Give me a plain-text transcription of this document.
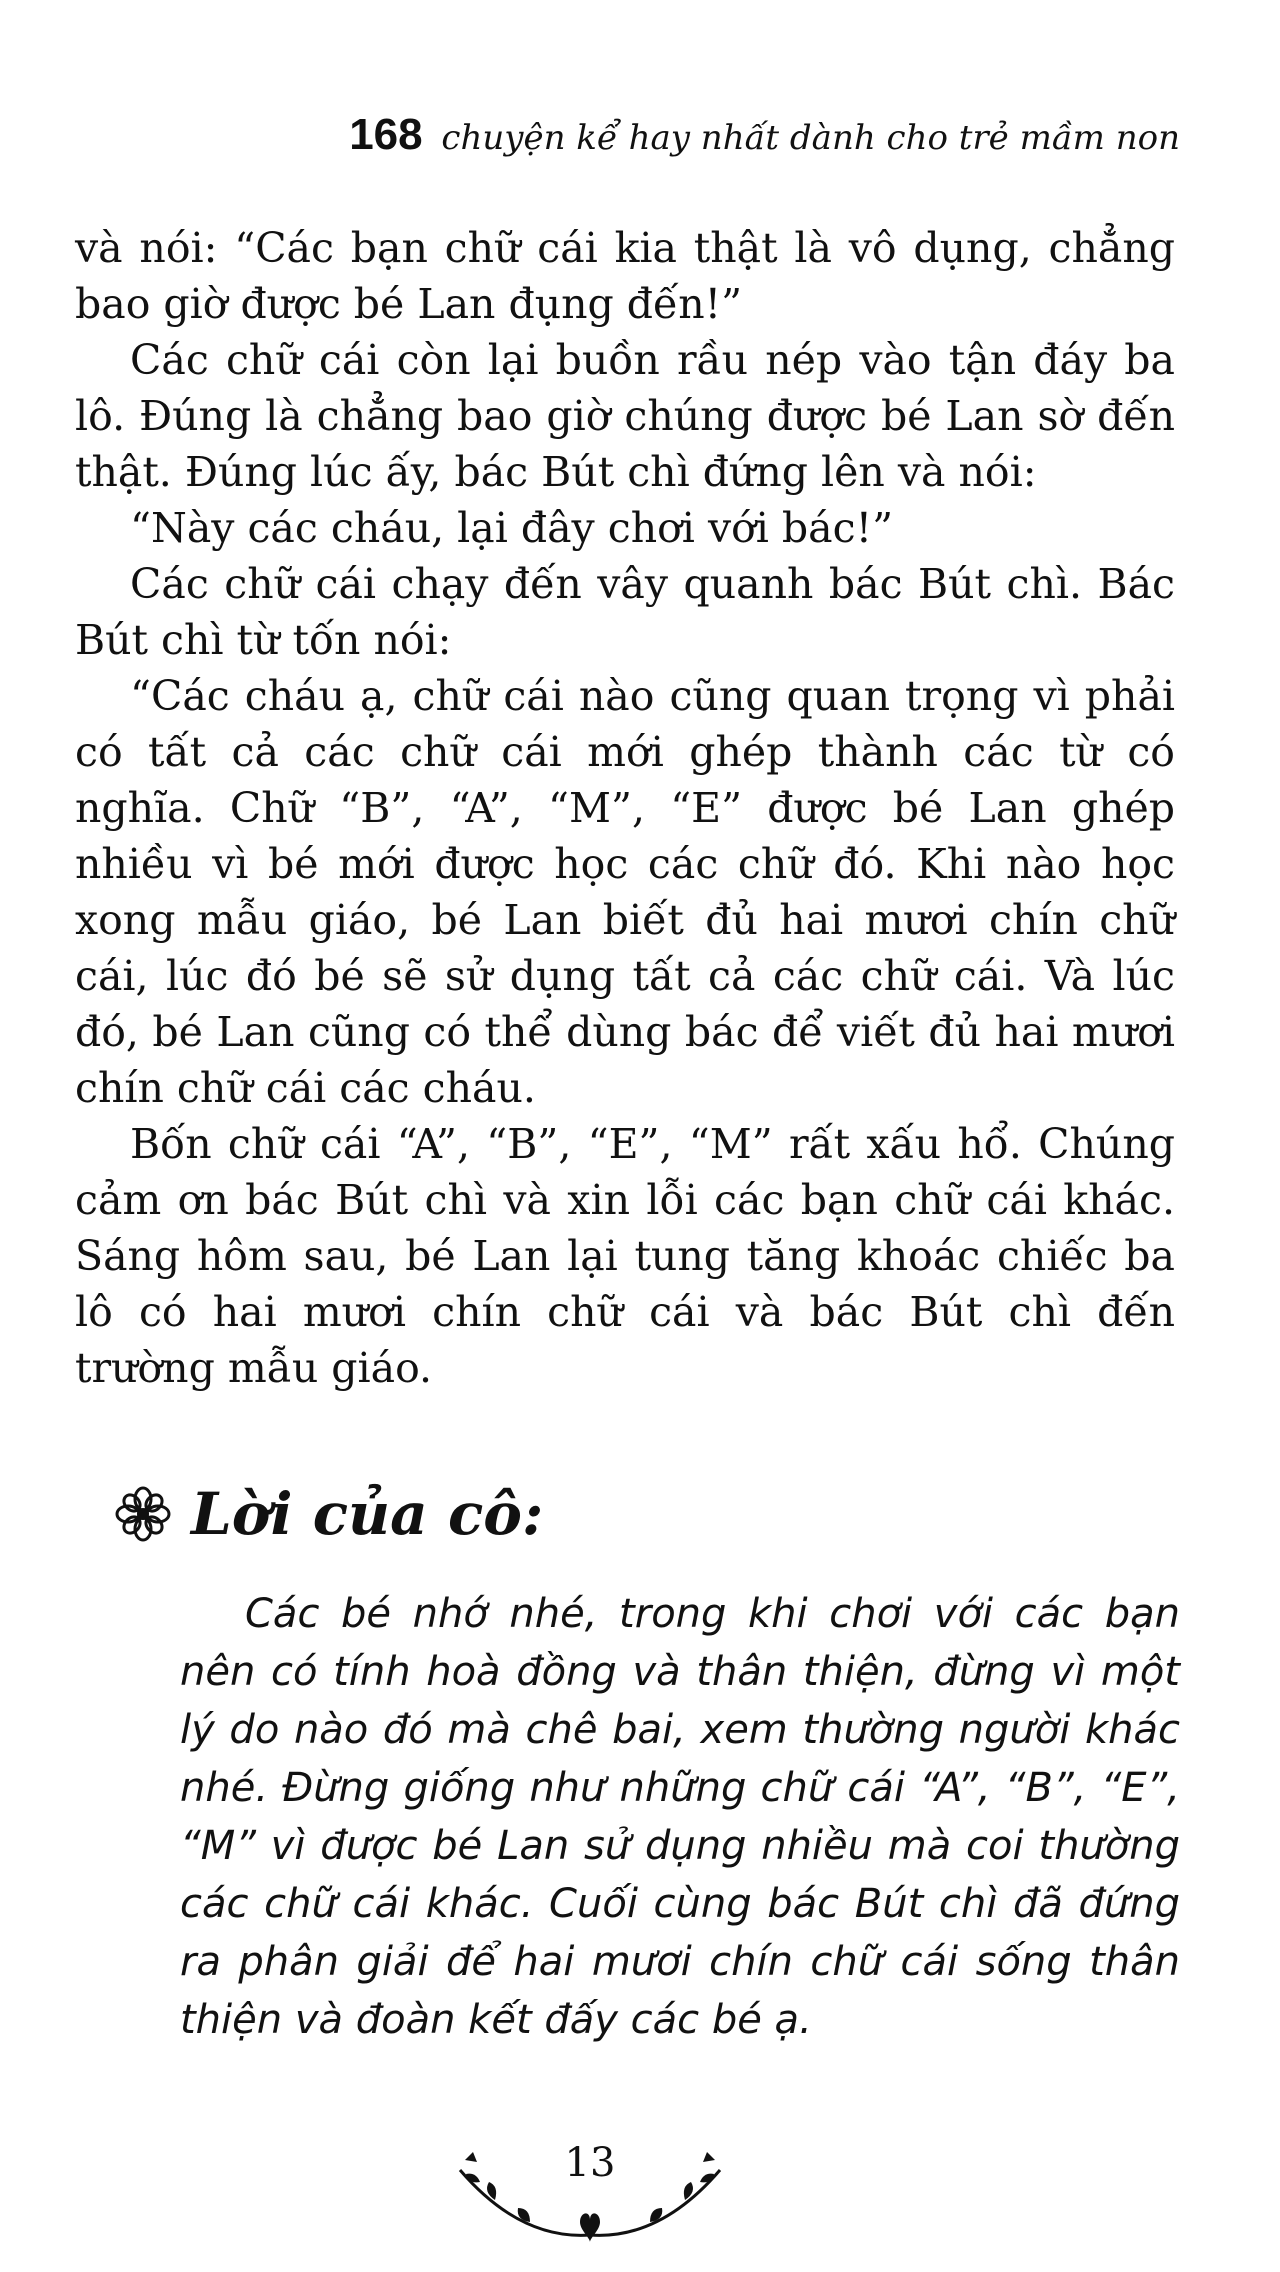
168 chuyện kể hay nhất dành cho trẻ mầm non

và nói: “Các bạn chữ cái kia thật là vô dụng, chẳng bao giờ được bé Lan đụng đến!”

Các chữ cái còn lại buồn rầu nép vào tận đáy ba lô. Đúng là chẳng bao giờ chúng được bé Lan sờ đến thật. Đúng lúc ấy, bác Bút chì đứng lên và nói:

“Này các cháu, lại đây chơi với bác!”

Các chữ cái chạy đến vây quanh bác Bút chì. Bác Bút chì từ tốn nói:

“Các cháu ạ, chữ cái nào cũng quan trọng vì phải có tất cả các chữ cái mới ghép thành các từ có nghĩa. Chữ “B”, “A”, “M”, “E” được bé Lan ghép nhiều vì bé mới được học các chữ đó. Khi nào học xong mẫu giáo, bé Lan biết đủ hai mươi chín chữ cái, lúc đó bé sẽ sử dụng tất cả các chữ cái. Và lúc đó, bé Lan cũng có thể dùng bác để viết đủ hai mươi chín chữ cái các cháu.

Bốn chữ cái “A”, “B”, “E”, “M” rất xấu hổ. Chúng cảm ơn bác Bút chì và xin lỗi các bạn chữ cái khác. Sáng hôm sau, bé Lan lại tung tăng khoác chiếc ba lô có hai mươi chín chữ cái và bác Bút chì đến trường mẫu giáo.

Lời của cô:

Các bé nhớ nhé, trong khi chơi với các bạn nên có tính hoà đồng và thân thiện, đừng vì một lý do nào đó mà chê bai, xem thường người khác nhé. Đừng giống như những chữ cái “A”, “B”, “E”, “M” vì được bé Lan sử dụng nhiều mà coi thường các chữ cái khác. Cuối cùng bác Bút chì đã đứng ra phân giải để hai mươi chín chữ cái sống thân thiện và đoàn kết đấy các bé ạ.

13
